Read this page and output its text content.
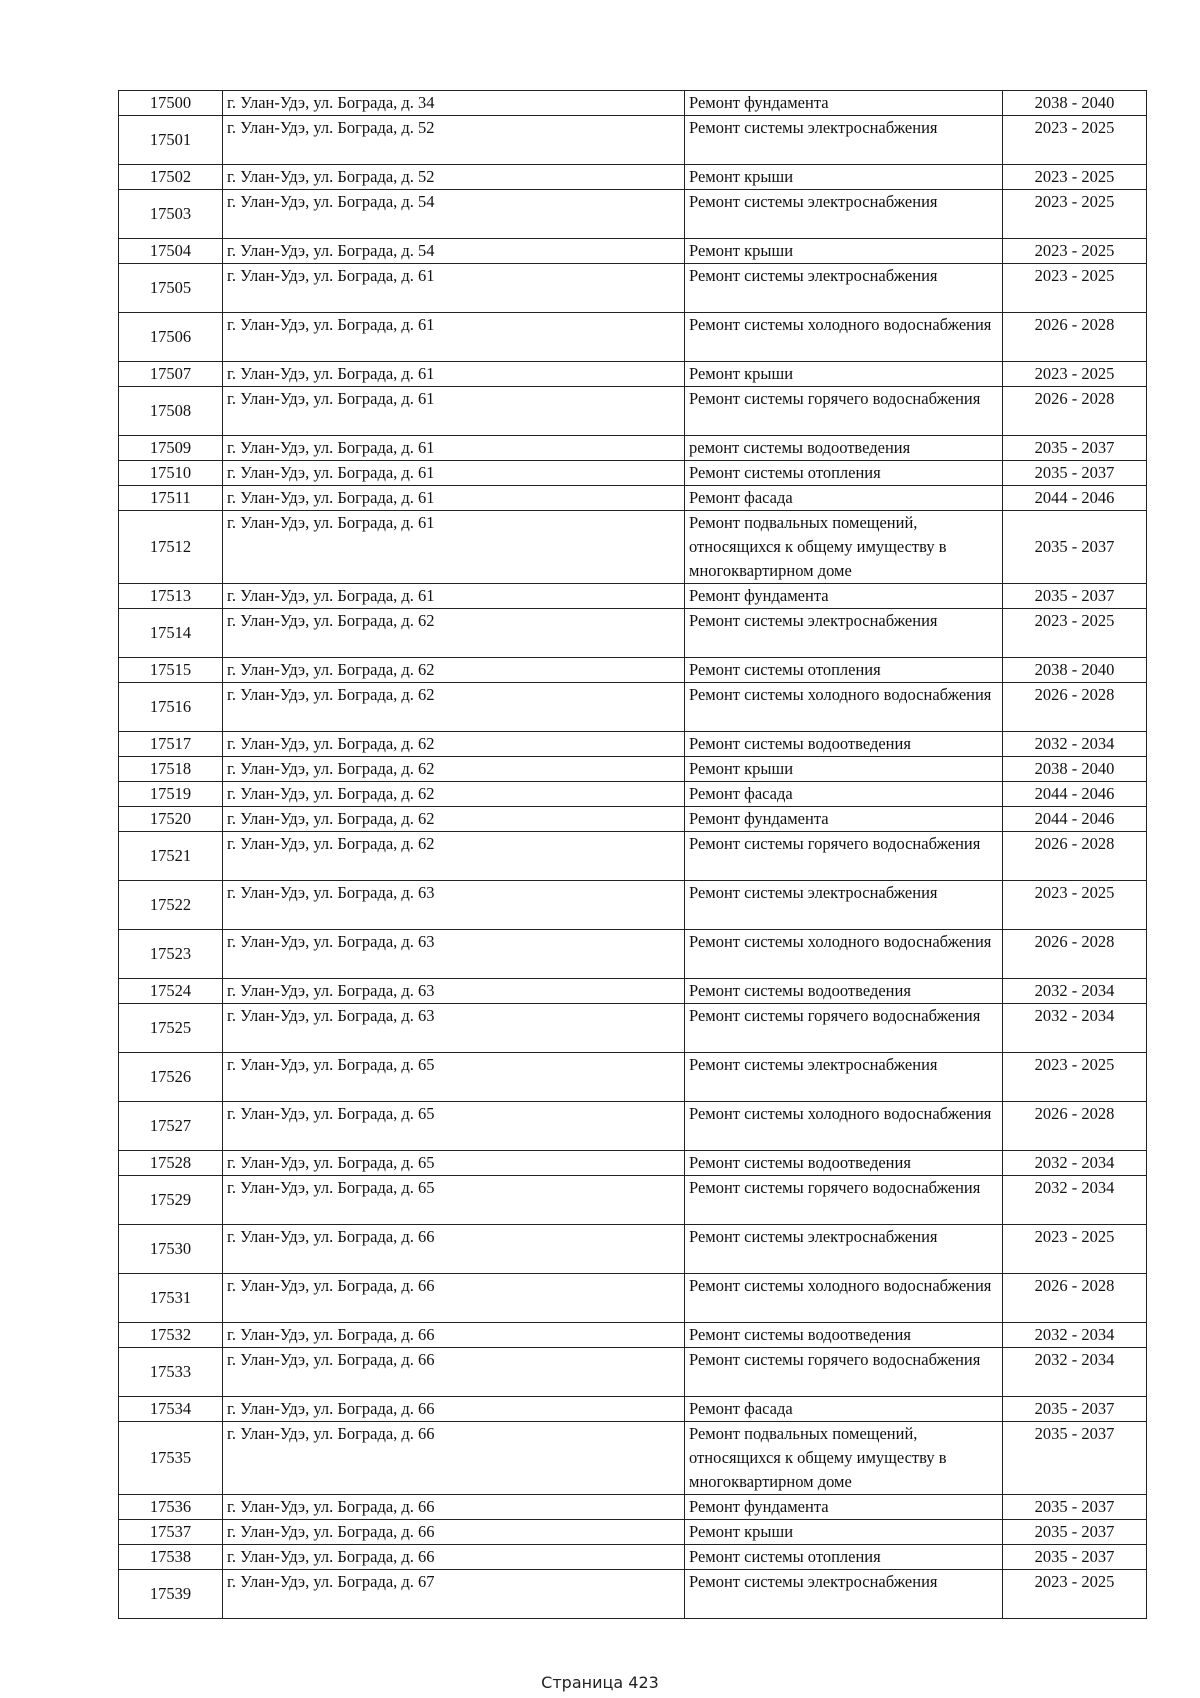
17500	г. Улан-Удэ, ул. Бограда, д. 34	Ремонт фундамента	2038 - 2040
17501	г. Улан-Удэ, ул. Бограда, д. 52	Ремонт системы электроснабжения	2023 - 2025
17502	г. Улан-Удэ, ул. Бограда, д. 52	Ремонт крыши	2023 - 2025
17503	г. Улан-Удэ, ул. Бограда, д. 54	Ремонт системы электроснабжения	2023 - 2025
17504	г. Улан-Удэ, ул. Бограда, д. 54	Ремонт крыши	2023 - 2025
17505	г. Улан-Удэ, ул. Бограда, д. 61	Ремонт системы электроснабжения	2023 - 2025
17506	г. Улан-Удэ, ул. Бограда, д. 61	Ремонт системы холодного водоснабжения	2026 - 2028
17507	г. Улан-Удэ, ул. Бограда, д. 61	Ремонт крыши	2023 - 2025
17508	г. Улан-Удэ, ул. Бограда, д. 61	Ремонт системы горячего водоснабжения	2026 - 2028
17509	г. Улан-Удэ, ул. Бограда, д. 61	ремонт системы водоотведения	2035 - 2037
17510	г. Улан-Удэ, ул. Бограда, д. 61	Ремонт системы отопления	2035 - 2037
17511	г. Улан-Удэ, ул. Бограда, д. 61	Ремонт фасада	2044 - 2046
17512	г. Улан-Удэ, ул. Бограда, д. 61	Ремонт подвальных помещений, относящихся к общему имуществу в многоквартирном доме	2035 - 2037
17513	г. Улан-Удэ, ул. Бограда, д. 61	Ремонт фундамента	2035 - 2037
17514	г. Улан-Удэ, ул. Бограда, д. 62	Ремонт системы электроснабжения	2023 - 2025
17515	г. Улан-Удэ, ул. Бограда, д. 62	Ремонт системы отопления	2038 - 2040
17516	г. Улан-Удэ, ул. Бограда, д. 62	Ремонт системы холодного водоснабжения	2026 - 2028
17517	г. Улан-Удэ, ул. Бограда, д. 62	Ремонт системы водоотведения	2032 - 2034
17518	г. Улан-Удэ, ул. Бограда, д. 62	Ремонт крыши	2038 - 2040
17519	г. Улан-Удэ, ул. Бограда, д. 62	Ремонт фасада	2044 - 2046
17520	г. Улан-Удэ, ул. Бограда, д. 62	Ремонт фундамента	2044 - 2046
17521	г. Улан-Удэ, ул. Бограда, д. 62	Ремонт системы горячего водоснабжения	2026 - 2028
17522	г. Улан-Удэ, ул. Бограда, д. 63	Ремонт системы электроснабжения	2023 - 2025
17523	г. Улан-Удэ, ул. Бограда, д. 63	Ремонт системы холодного водоснабжения	2026 - 2028
17524	г. Улан-Удэ, ул. Бограда, д. 63	Ремонт системы водоотведения	2032 - 2034
17525	г. Улан-Удэ, ул. Бограда, д. 63	Ремонт системы горячего водоснабжения	2032 - 2034
17526	г. Улан-Удэ, ул. Бограда, д. 65	Ремонт системы электроснабжения	2023 - 2025
17527	г. Улан-Удэ, ул. Бограда, д. 65	Ремонт системы холодного водоснабжения	2026 - 2028
17528	г. Улан-Удэ, ул. Бограда, д. 65	Ремонт системы водоотведения	2032 - 2034
17529	г. Улан-Удэ, ул. Бограда, д. 65	Ремонт системы горячего водоснабжения	2032 - 2034
17530	г. Улан-Удэ, ул. Бограда, д. 66	Ремонт системы электроснабжения	2023 - 2025
17531	г. Улан-Удэ, ул. Бограда, д. 66	Ремонт системы холодного водоснабжения	2026 - 2028
17532	г. Улан-Удэ, ул. Бограда, д. 66	Ремонт системы водоотведения	2032 - 2034
17533	г. Улан-Удэ, ул. Бограда, д. 66	Ремонт системы горячего водоснабжения	2032 - 2034
17534	г. Улан-Удэ, ул. Бограда, д. 66	Ремонт фасада	2035 - 2037
17535	г. Улан-Удэ, ул. Бограда, д. 66	Ремонт подвальных помещений, относящихся к общему имуществу в многоквартирном доме	2035 - 2037
17536	г. Улан-Удэ, ул. Бограда, д. 66	Ремонт фундамента	2035 - 2037
17537	г. Улан-Удэ, ул. Бограда, д. 66	Ремонт крыши	2035 - 2037
17538	г. Улан-Удэ, ул. Бограда, д. 66	Ремонт системы отопления	2035 - 2037
17539	г. Улан-Удэ, ул. Бограда, д. 67	Ремонт системы электроснабжения	2023 - 2025
Страница 423
